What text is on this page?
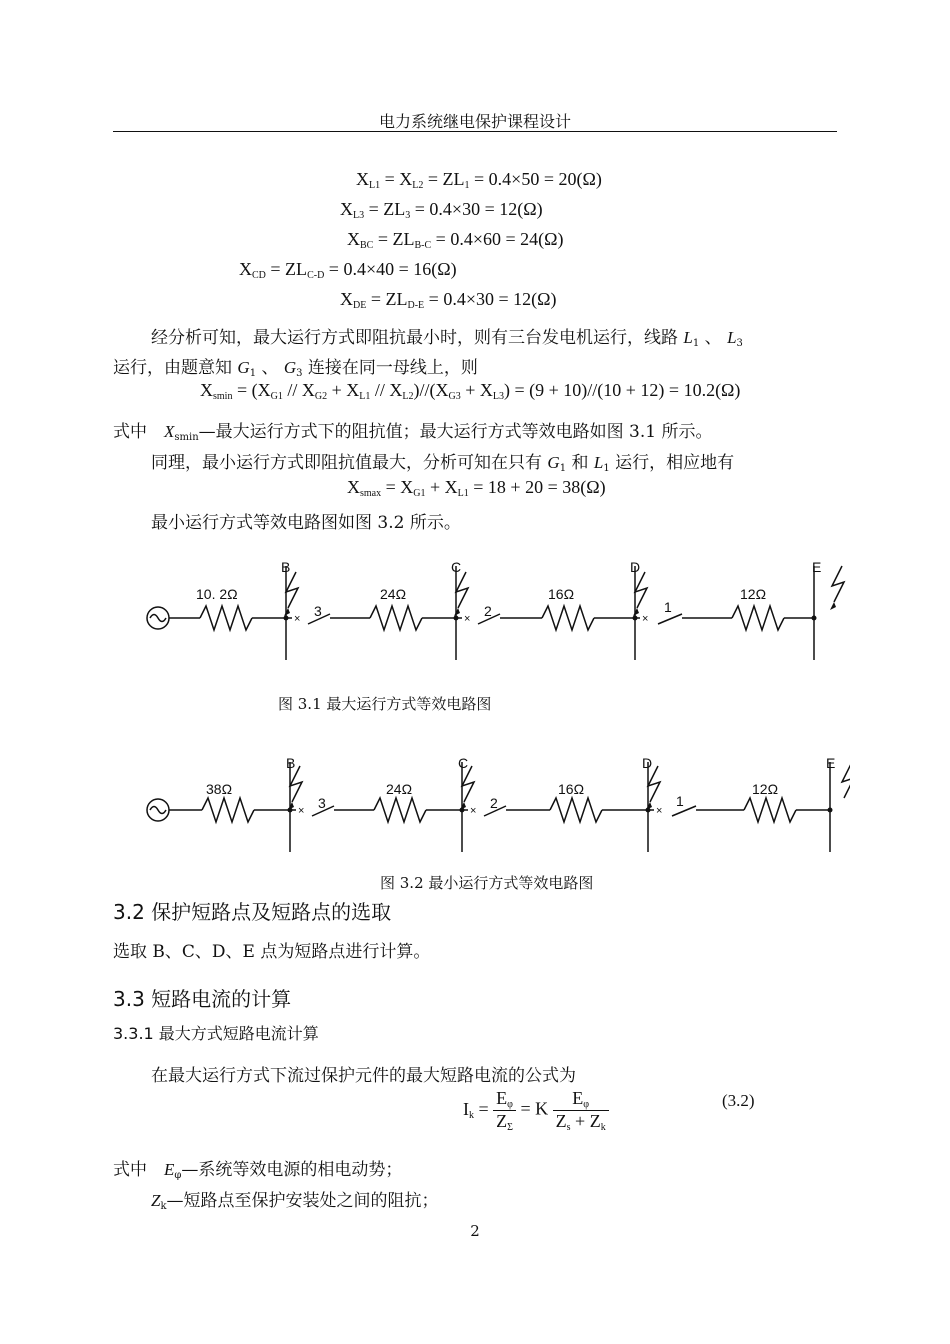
电力系统继电保护课程设计
$X_{L1} = X_{L2} = ZL_1 = 0.4\times 50 = 20(\Omega)$
$X_{L3} = ZL_3 = 0.4\times 30 = 12(\Omega)$
$X_{BC} = ZL_{B-C} = 0.4\times 60 = 24(\Omega)$
$X_{CD} = ZL_{C-D} = 0.4\times 40 = 16(\Omega)$
$X_{DE} = ZL_{D-E} = 0.4\times 30 = 12(\Omega)$
经分析可知，最大运行方式即阻抗最小时，则有三台发电机运行，线路 $L_1$ 、 $L_3$
运行，由题意知 $G_1$ 、 $G_3$ 连接在同一母线上，则
$X_{smin} = (X_{G1} // X_{G2} + X_{L1} // X_{L2})//(X_{G3} + X_{L3}) = (9 + 10)//(10 + 12) = 10.2(\Omega)$
式中　$X_{smin}—$最大运行方式下的阻抗值；最大运行方式等效电路如图 3.1 所示。
同理，最小运行方式即阻抗值最大，分析可知在只有 $G_1$ 和 $L_1$ 运行，相应地有
$X_{smax} = X_{G1} + X_{L1} = 18 + 20 = 38(\Omega)$
最小运行方式等效电路图如图 3.2 所示。
10. 2Ω	24Ω	16Ω	12Ω
B	C	D	E
×	×	×
3	2	1
图 3.1 最大运行方式等效电路图
38Ω	24Ω	16Ω	12Ω
B	C	D	E
×	×	×
3	2	1
图 3.2 最小运行方式等效电路图
3.2 保护短路点及短路点的选取
选取 B、C、D、E 点为短路点进行计算。
3.3 短路电流的计算
3.3.1 最大方式短路电流计算
在最大运行方式下流过保护元件的最大短路电流的公式为
$I_k = \frac{E_\varphi}{Z_\Sigma} = K \frac{E_\varphi}{Z_s + Z_k}$	(3.2)
式中　$E_\varphi—$系统等效电源的相电动势；
$Z_k—$短路点至保护安装处之间的阻抗；
2
